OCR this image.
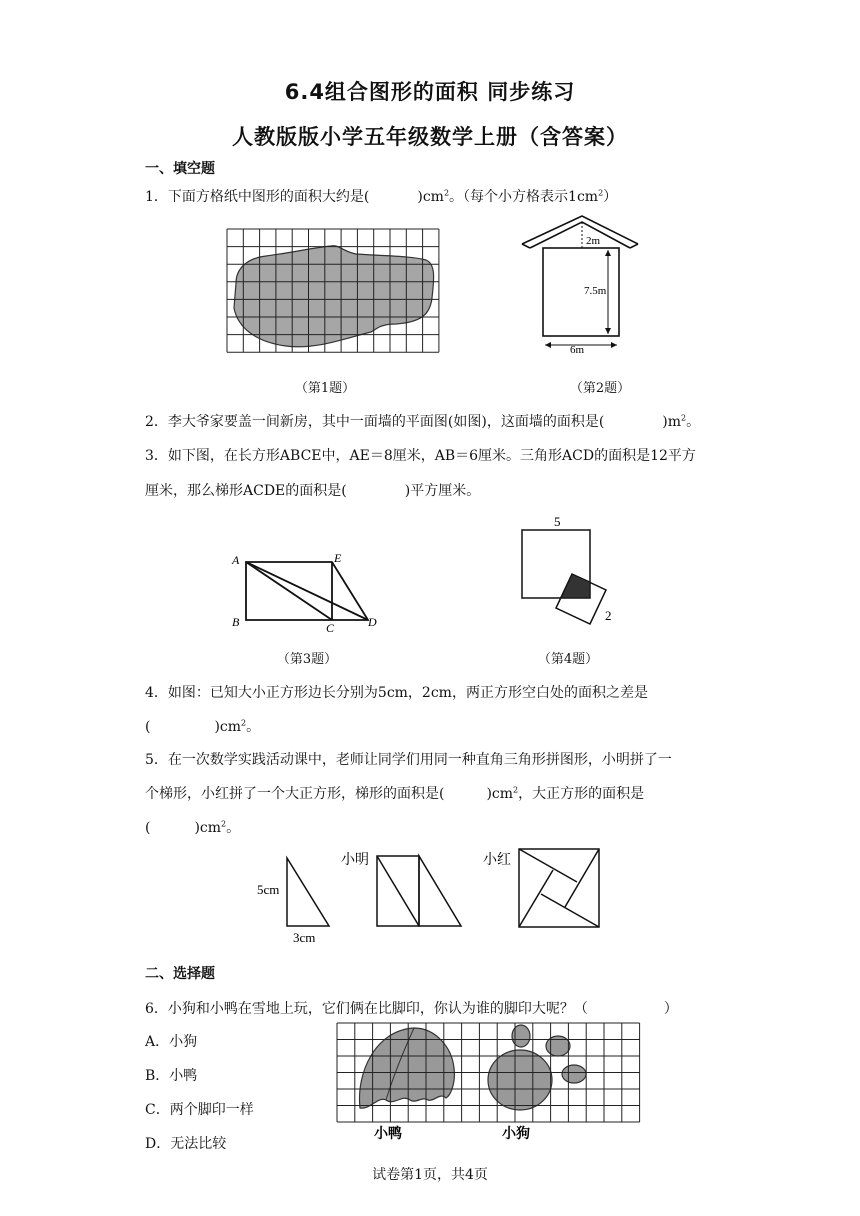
6.4组合图形的面积 同步练习
人教版版小学五年级数学上册（含答案）
一、填空题
1．下面方格纸中图形的面积大约是(	)$cm^2$。（每个小方格表示$1cm^2$）
（第1题）
2m
7.5m
6m
（第2题）
2．李大爷家要盖一间新房，其中一面墙的平面图(如图)，这面墙的面积是(	)$m^2$。
3．如下图，在长方形ABCE中，AE＝8厘米，AB＝6厘米。三角形ACD的面积是12平方
厘米，那么梯形ACDE的面积是(	)平方厘米。
A	E
B	C	D
（第3题）
5
2
（第4题）
4．如图：已知大小正方形边长分别为5cm，2cm，两正方形空白处的面积之差是
(	)$cm^2$。
5．在一次数学实践活动课中，老师让同学们用同一种直角三角形拼图形，小明拼了一
个梯形，小红拼了一个大正方形，梯形的面积是(	)$cm^2$，大正方形的面积是
(	)$cm^2$。
5cm
3cm
小明	小红
二、选择题
6．小狗和小鸭在雪地上玩，它们俩在比脚印，你认为谁的脚印大呢？（	）
A．小狗
B．小鸭
C．两个脚印一样
D．无法比较
小鸭	小狗
试卷第1页，共4页
